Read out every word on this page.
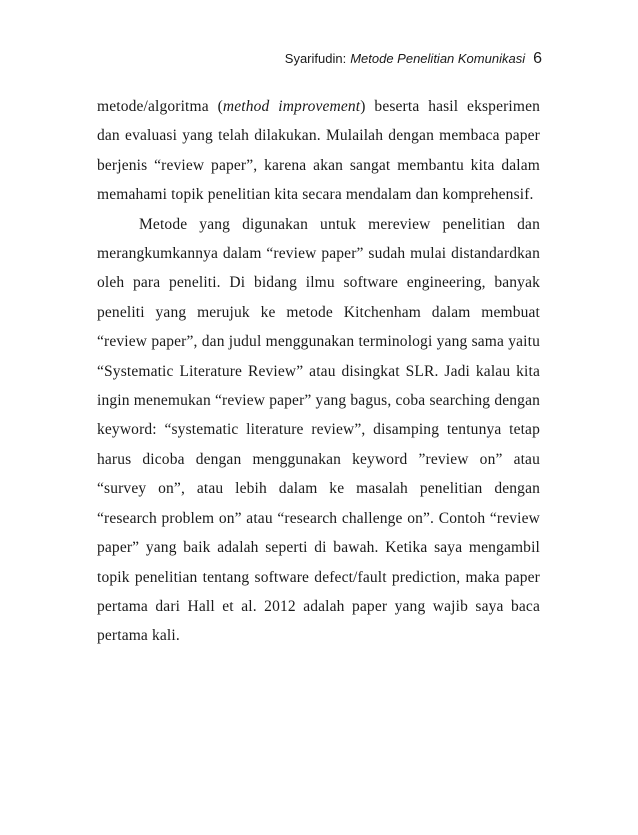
Syarifudin: Metode Penelitian Komunikasi 6

metode/algoritma (method improvement) beserta hasil eksperimen dan evaluasi yang telah dilakukan. Mulailah dengan membaca paper berjenis “review paper”, karena akan sangat membantu kita dalam memahami topik penelitian kita secara mendalam dan komprehensif.

Metode yang digunakan untuk mereview penelitian dan merangkumkannya dalam “review paper” sudah mulai distandardkan oleh para peneliti. Di bidang ilmu software engineering, banyak peneliti yang merujuk ke metode Kitchenham dalam membuat “review paper”, dan judul menggunakan terminologi yang sama yaitu “Systematic Literature Review” atau disingkat SLR. Jadi kalau kita ingin menemukan “review paper” yang bagus, coba searching dengan keyword: “systematic literature review”, disamping tentunya tetap harus dicoba dengan menggunakan keyword ”review on” atau “survey on”, atau lebih dalam ke masalah penelitian dengan “research problem on” atau “research challenge on”. Contoh “review paper” yang baik adalah seperti di bawah. Ketika saya mengambil topik penelitian tentang software defect/fault prediction, maka paper pertama dari Hall et al. 2012 adalah paper yang wajib saya baca pertama kali.
